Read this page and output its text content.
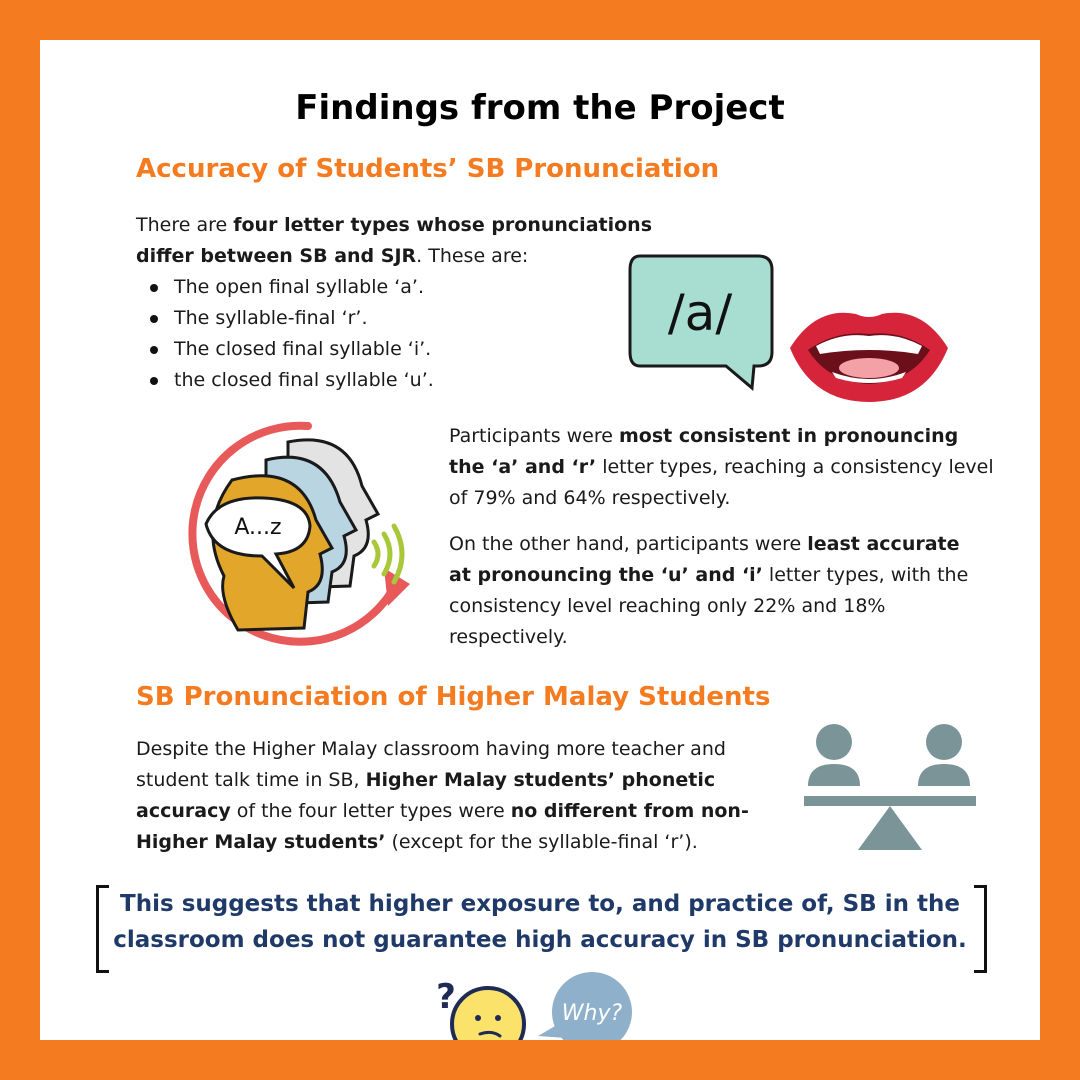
Findings from the Project
Accuracy of Students’ SB Pronunciation
There are four letter types whose pronunciations differ between SB and SJR. These are:
The open final syllable ‘a’.
The syllable-final ‘r’.
The closed final syllable ‘i’.
the closed final syllable ‘u’.
/a/
A...z
Participants were most consistent in pronouncing the ‘a’ and ‘r’ letter types, reaching a consistency level of 79% and 64% respectively.
On the other hand, participants were least accurate at pronouncing the ‘u’ and ‘i’ letter types, with the consistency level reaching only 22% and 18% respectively.
SB Pronunciation of Higher Malay Students
Despite the Higher Malay classroom having more teacher and student talk time in SB, Higher Malay students’ phonetic accuracy of the four letter types were no different from non-Higher Malay students’ (except for the syllable-final ‘r’).
This suggests that higher exposure to, and practice of, SB in the classroom does not guarantee high accuracy in SB pronunciation.
?	Why?
